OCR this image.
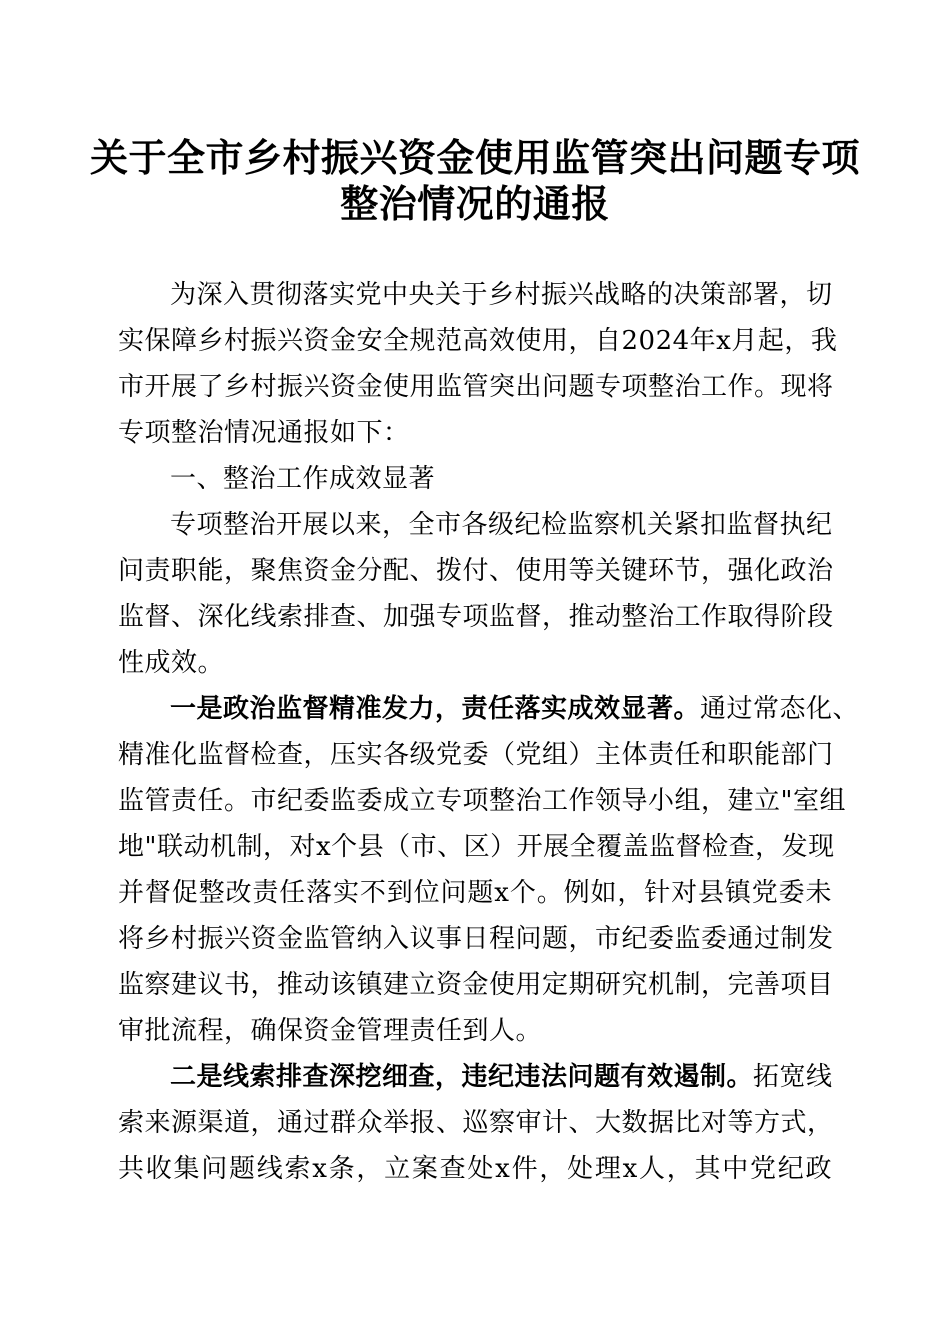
关于全市乡村振兴资金使用监管突出问题专项
整治情况的通报
为深入贯彻落实党中央关于乡村振兴战略的决策部署，切
实保障乡村振兴资金安全规范高效使用，自2024年x月起，我
市开展了乡村振兴资金使用监管突出问题专项整治工作。现将
专项整治情况通报如下：
一、整治工作成效显著
专项整治开展以来，全市各级纪检监察机关紧扣监督执纪
问责职能，聚焦资金分配、拨付、使用等关键环节，强化政治
监督、深化线索排查、加强专项监督，推动整治工作取得阶段
性成效。
一是政治监督精准发力，责任落实成效显著。通过常态化、
精准化监督检查，压实各级党委（党组）主体责任和职能部门
监管责任。市纪委监委成立专项整治工作领导小组，建立"室组
地"联动机制，对x个县（市、区）开展全覆盖监督检查，发现
并督促整改责任落实不到位问题x个。例如，针对县镇党委未
将乡村振兴资金监管纳入议事日程问题，市纪委监委通过制发
监察建议书，推动该镇建立资金使用定期研究机制，完善项目
审批流程，确保资金管理责任到人。
二是线索排查深挖细查，违纪违法问题有效遏制。拓宽线
索来源渠道，通过群众举报、巡察审计、大数据比对等方式，
共收集问题线索x条，立案查处x件，处理x人，其中党纪政
